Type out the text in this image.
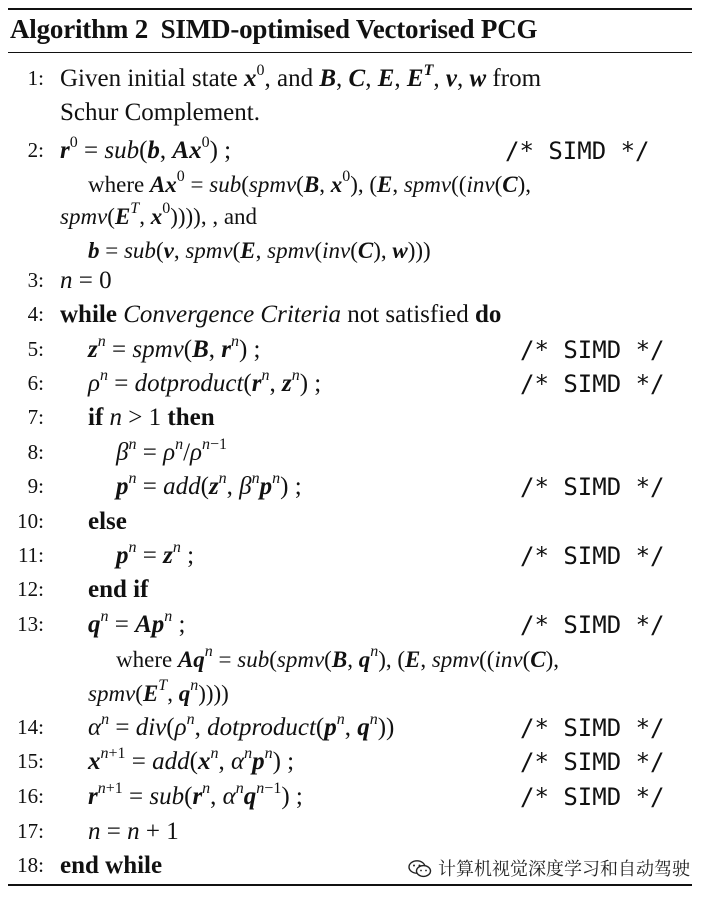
Algorithm 2 SIMD-optimised Vectorised PCG
1: Given initial state $x^0$, and B, C, E, $E^T$, v, w from
Schur Complement.
2: $r^0 = sub(b$, Ax$^0$) ;	/* SIMD */
where $Ax^0$ = sub(spmv(B, $x^0$), (E, spmv((inv(C),
$spmv(E^T$, $x^0$)))), , and
b = sub(v, spmv(E, spmv(inv(C), w)))
3: n = 0
4: while Convergence Criteria not satisfied do
5: $z^n$ = spmv(B, $r^n$) ;	/* SIMD */
6: $\rho^n$ = $dotproduct(r^n$, $z^n$) ;	/* SIMD */
7: if n > 1 then
8:	$\beta^n = \rho^n/\rho^{n-1}$
9:	$p^n = add(z^n$, $\beta^np^n$) ;	/* SIMD */
10: else
11:	$p^n = z^n$ ;	/* SIMD */
12: end if
13: $q^n = Ap^n$ ;	/* SIMD */
where $Aq^n$ = sub(spmv(B, $q^n$), (E, spmv((inv(C),
$spmv(E^T$, $q^n$))))
14: $\alpha^n = div(\rho^n$, $dotproduct(p^n$, $q^n$))	/* SIMD */
15: $x^{n+1} = add(x^n$, $\alpha^np^n$) ;	/* SIMD */
16: $r^{n+1} = sub(r^n$, $\alpha^nq^{n-1}$) ;	/* SIMD */
17: n = n + 1
18: end while	计算机视觉深度学习和自动驾驶
